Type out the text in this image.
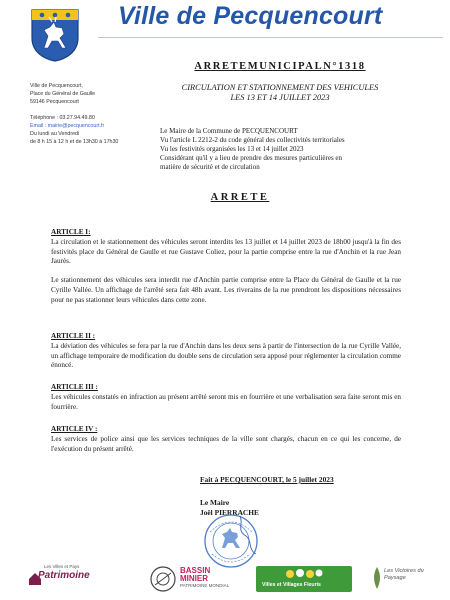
Ville de Pecquencourt
Ville de Pecquencourt,
Place du Général de Gaulle
59146 Pecquencourt
Téléphone : 03.27.94.49.80
Email : mairie@pecquencourt.fr
Du lundi au Vendredi
de 8 h 15 à 12 h et de 13h30 à 17h30
ARRETEMUNICIPALN°1318
CIRCULATION ET STATIONNEMENT DES VEHICULES
LES 13 ET 14 JUILLET 2023
Le Maire de la Commune de PECQUENCOURT
Vu l'article L 2212-2 du code général des collectivités territoriales
Vu les festivités organisées les 13 et 14 juillet 2023
Considérant qu'il y a lieu de prendre des mesures particulières en
matière de sécurité et de circulation
ARRETE
ARTICLE I:

La circulation et le stationnement des véhicules seront interdits les 13 juillet et 14 juillet 2023 de 18h00 jusqu'à la fin des festivités place du Général de Gaulle et rue Gustave Coliez, pour la partie comprise entre la rue d'Anchin et la rue Jean Jaurès.

Le stationnement des véhicules sera interdit rue d'Anchin partie comprise entre la Place du Général de Gaulle et la rue Cyrille Vallée. Un affichage de l'arrêté sera fait 48h avant. Les riverains de la rue prendront les dispositions nécessaires pour ne pas stationner leurs véhicules dans cette zone.

ARTICLE II :

La déviation des véhicules se fera par la rue d'Anchin dans les deux sens à partir de l'intersection de la rue Cyrille Vallée, un affichage temporaire de modification du double sens de circulation sera apposé pour réglementer la circulation comme énoncé.

ARTICLE III :

Les véhicules constatés en infraction au présent arrêté seront mis en fourrière et une verbalisation sera faite seront mis en fourrière.

ARTICLE IV :

Les services de police ainsi que les services techniques de la ville sont chargés, chacun en ce qui les concerne, de l'exécution du présent arrêté.

Fait à PECQUENCOURT, le 5 juillet 2023
Le Maire
Joël PIERRACHE
Les Villes et Pays
Patrimoine	BASSIN
MINIER
PATRIMOINE MONDIAL	Villes et Villages Fleuris
Les Victoires du Paysage
